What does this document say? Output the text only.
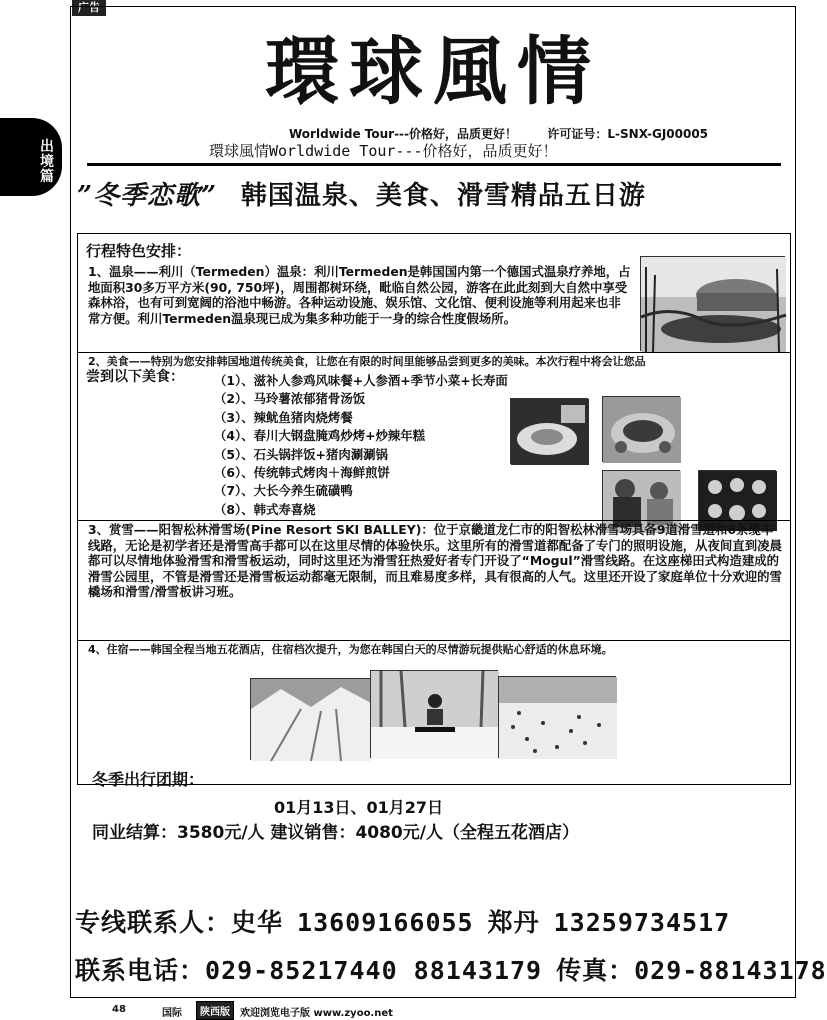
广告
出境篇
環球風情
Worldwide Tour---价格好，品质更好！	许可证号：L-SNX-GJ00005
環球風情Worldwide Tour---价格好，品质更好！
”冬季恋歌” 韩国温泉、美食、滑雪精品五日游
行程特色安排：
1、温泉——利川（Termeden）温泉：利川Termeden是韩国国内第一个德国式温泉疗养地，占地面积30多万平方米(90, 750坪)，周围都树环绕，毗临自然公园，游客在此此刻到大自然中享受森林浴，也有可到宽阔的浴池中畅游。各种运动设施、娱乐馆、文化馆、便利设施等利用起来也非常方便。利川Termeden温泉现已成为集多种功能于一身的综合性度假场所。
2、美食——特别为您安排韩国地道传统美食，让您在有限的时间里能够品尝到更多的美味。本次行程中将会让您品
尝到以下美食： （1）、滋补人参鸡风味餐+人参酒+季节小菜+长寿面
（2）、马玲薯浓郁猪骨汤饭
（3）、辣鱿鱼猪肉烧烤餐
（4）、春川大钢盘腌鸡炒烤+炒辣年糕
（5）、石头锅拌饭+猪肉涮涮锅
（6）、传统韩式烤肉＋海鲜煎饼
（7）、大长今养生硫磺鸭
（8）、韩式寿喜烧
3、赏雪——阳智松林滑雪场(Pine Resort SKI BALLEY)：位于京畿道龙仁市的阳智松林滑雪场具备9道滑雪道和6条缆车线路，无论是初学者还是滑雪高手都可以在这里尽情的体验快乐。这里所有的滑雪道都配备了专门的照明设施，从夜间直到凌晨都可以尽情地体验滑雪和滑雪板运动，同时这里还为滑雪狂热爱好者专门开设了“Mogul”滑雪线路。在这座梯田式构造建成的滑雪公园里，不管是滑雪还是滑雪板运动都毫无限制，而且难易度多样，具有很高的人气。这里还开设了家庭单位十分欢迎的雪橇场和滑雪/滑雪板讲习班。
4、住宿——韩国全程当地五花酒店，住宿档次提升，为您在韩国白天的尽情游玩提供贴心舒适的休息环境。
冬季出行团期：
01月13日、01月27日
同业结算：3580元/人 建议销售：4080元/人（全程五花酒店）
专线联系人：史华 13609166055 郑丹 13259734517
联系电话：029-85217440 88143179 传真：029-88143178
48	国际	陕西版	欢迎浏览电子版 www.zyoo.net
